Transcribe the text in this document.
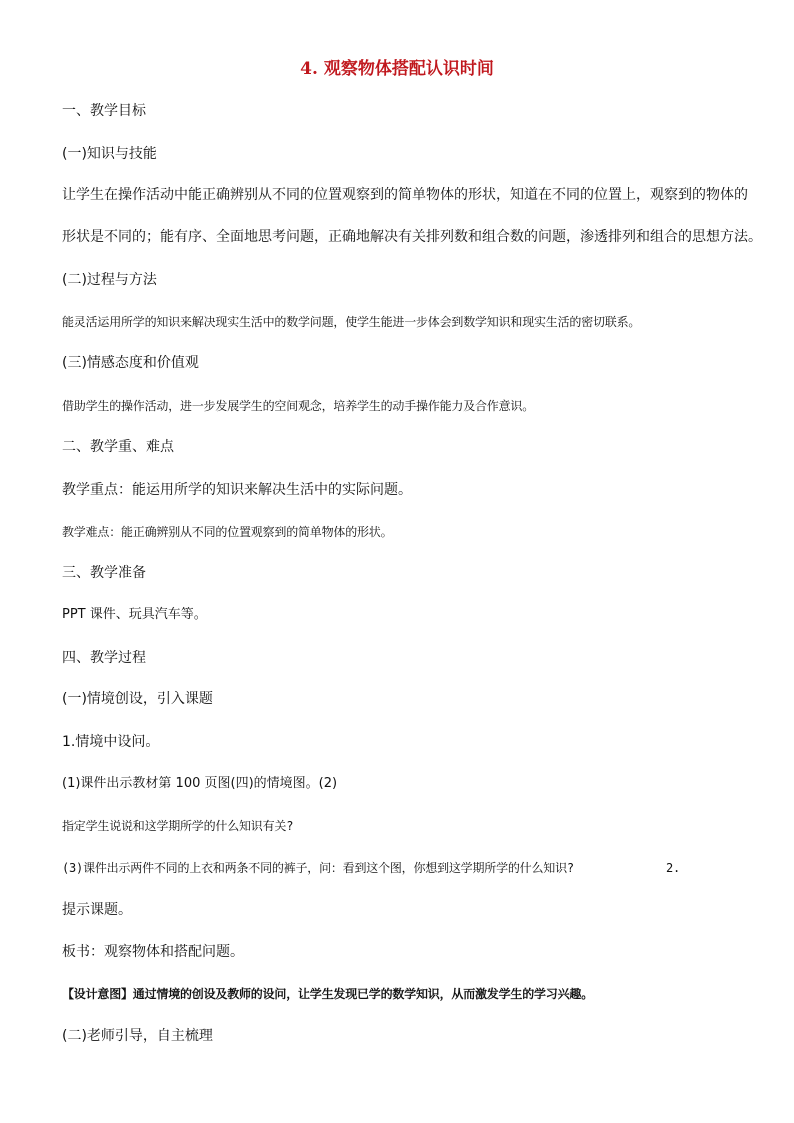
4. 观察物体搭配认识时间
一、教学目标
(一)知识与技能
让学生在操作活动中能正确辨别从不同的位置观察到的简单物体的形状，知道在不同的位置上，观察到的物体的
形状是不同的；能有序、全面地思考问题，正确地解决有关排列数和组合数的问题，渗透排列和组合的思想方法。
(二)过程与方法
能灵活运用所学的知识来解决现实生活中的数学问题，使学生能进一步体会到数学知识和现实生活的密切联系。
(三)情感态度和价值观
借助学生的操作活动，进一步发展学生的空间观念，培养学生的动手操作能力及合作意识。
二、教学重、难点
教学重点：能运用所学的知识来解决生活中的实际问题。
教学难点：能正确辨别从不同的位置观察到的简单物体的形状。
三、教学准备
PPT 课件、玩具汽车等。
四、教学过程
(一)情境创设，引入课题
1.情境中设问。
(1)课件出示教材第 100 页图(四)的情境图。(2)
指定学生说说和这学期所学的什么知识有关?
(3)课件出示两件不同的上衣和两条不同的裤子，问：看到这个图，你想到这学期所学的什么知识?	2.
提示课题。
板书：观察物体和搭配问题。
【设计意图】通过情境的创设及教师的设问，让学生发现已学的数学知识，从而激发学生的学习兴趣。
(二)老师引导，自主梳理
